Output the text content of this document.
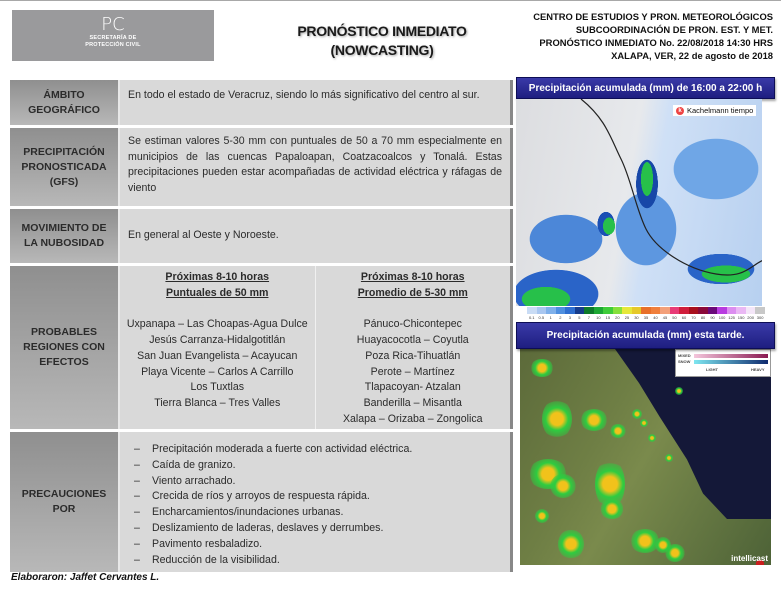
PC
SECRETARÍA DE
PROTECCIÓN CIVIL
PRONÓSTICO INMEDIATO
(NOWCASTING)
CENTRO DE ESTUDIOS Y PRON. METEOROLÓGICOS
SUBCOORDINACIÓN DE PRON. EST. Y MET.
PRONÓSTICO INMEDIATO No. 22/08/2018 14:30 HRS
XALAPA, VER, 22 de agosto de 2018
ÁMBITO GEOGRÁFICO
En todo el estado de Veracruz, siendo lo más significativo del centro al sur.
PRECIPITACIÓN PRONOSTICADA (GFS)
Se estiman valores 5-30 mm con puntuales de 50 a 70 mm especialmente en municipios de las cuencas Papaloapan, Coatzacoalcos y Tonalá. Estas precipitaciones pueden estar acompañadas de actividad eléctrica y ráfagas de viento
MOVIMIENTO DE LA NUBOSIDAD
En general al Oeste y Noroeste.
PROBABLES REGIONES CON EFECTOS
Próximas 8-10 horas
Puntuales de 50 mm
Uxpanapa – Las Choapas-Agua Dulce
Jesús Carranza-Hidalgotitlán
San Juan Evangelista – Acayucan
Playa Vicente – Carlos A Carrillo
Los Tuxtlas
Tierra Blanca – Tres Valles
Próximas 8-10 horas
Promedio de 5-30 mm
Pánuco-Chicontepec
Huayacocotla – Coyutla
Poza Rica-Tihuatlán
Perote – Martínez
Tlapacoyan- Atzalan
Banderilla – Misantla
Xalapa – Orizaba – Zongolica
PRECAUCIONES POR
–	Precipitación moderada a fuerte con actividad eléctrica.
–	Caída de granizo.
–	Viento arrachado.
–	Crecida de ríos y arroyos de respuesta rápida.
–	Encharcamientos/inundaciones urbanas.
–	Deslizamiento de laderas, deslaves y derrumbes.
–	Pavimento resbaladizo.
–	Reducción de la visibilidad.
Elaboraron: Jaffet Cervantes L.
Precipitación acumulada (mm) de 16:00 a 22:00 h
k Kachelmann tiempo
0.1 0.5	1	2	3	5	7	10	15	20	25	30	35	40	45	50	60	70	80	90 100 125 150 200 300
Precipitación acumulada (mm) esta tarde.
MIXED
SNOW
LIGHT	HEAVY
intellicast
